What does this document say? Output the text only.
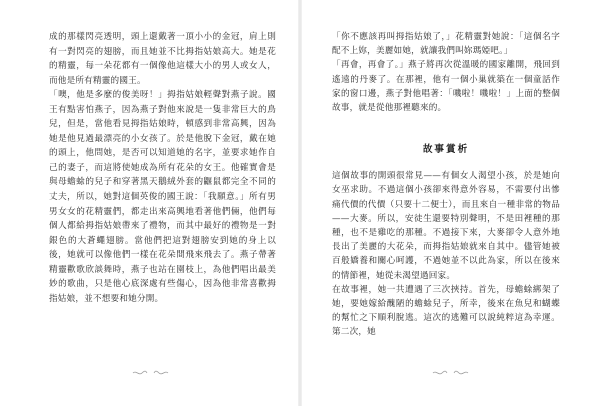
成的那樣閃亮透明，頭上還戴著一頂小小的金冠，肩上則有一對閃亮的翅膀，而且她並不比拇指姑娘高大。她是花的精靈，每一朵花都有一個像他這樣大小的男人或女人，而他是所有精靈的國王。

「噢，他是多麼的俊美呀！」拇指姑娘輕聲對燕子說。國王有點害怕燕子，因為燕子對他來說是一隻非常巨大的鳥兒，但是，當他看見拇指姑娘時，頓感到非常高興，因為她是他見過最漂亮的小女孩了。於是他脫下金冠，戴在她的頭上，他問她，是否可以知道她的名字，並要求她作自己的妻子，而這將使她成為所有花朵的女王。他確實會是與母蟾蜍的兒子和穿著黑天鵝絨外套的鼴鼠都完全不同的丈夫，所以，她對這個英俊的國王說：「我願意。」所有男男女女的花精靈們，都走出來高興地看著他們倆，他們每個人都給拇指姑娘帶來了禮物，而其中最好的禮物是一對銀色的大蒼蠅翅膀。當他們把這對翅膀安到她的身上以後，她就可以像他們一樣在花朵間飛來飛去了。燕子帶著精靈歡歌欣談舞時，燕子也站在園枝上，為他們唱出最美妙的歌曲，只是他心底深處有些傷心，因為他非常喜歡拇指姑娘，並不想要和她分開。

「你不應該再叫拇指姑娘了，」花精靈對她說：「這個名字配不上妳，美麗如她，就讓我們叫妳瑪婭吧。」

「再會，再會了。」燕子將再次從溫暖的國家離開，飛回到遙遠的丹麥了。在那裡，他有一個小巢就築在一個童話作家的窗口邊，燕子對他唱著：「嘰啦！嘰啦！」上面的整個故事，就是從他那裡聽來的。

故事賞析

這個故事的開頭很常見——有個女人渴望小孩，於是她向女巫求助。不過這個小孩卻來得意外容易，不需要付出慘痛代價的代價（只要十二便士），而且來自一種非常的物品——大麥。所以，安徒生還要特別聲明，不是田裡種的那種，也不是雞吃的那種。不過接下來，大麥卻令人意外地長出了美麗的大花朵，而拇指姑娘就來自其中。儘管她被百般嬌養和關心呵護，不過她並不以此為家，所以在後來的情節裡，她從未渴望過回家。

在故事裡，她一共遭遇了三次挾持。首先，母蟾蜍綁架了她，要她嫁給醜陋的蟾蜍兒子，所幸，後來在魚兒和蝴蝶的幫忙之下順利脫逃。這次的逃難可以說純粹這為幸運。第二次，她
